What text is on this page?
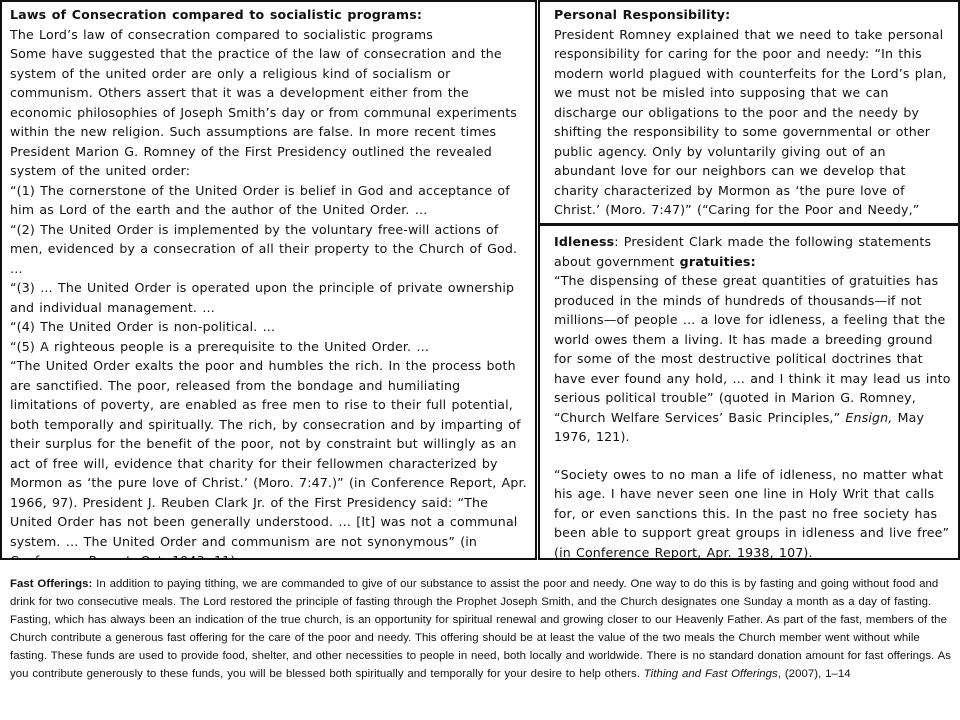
Laws of Consecration compared to socialistic programs:

The Lord’s law of consecration compared to socialistic programs

Some have suggested that the practice of the law of consecration and the system of the united order are only a religious kind of socialism or communism. Others assert that it was a development either from the economic philosophies of Joseph Smith’s day or from communal experiments within the new religion. Such assumptions are false. In more recent times President Marion G. Romney of the First Presidency outlined the revealed system of the united order:

“(1) The cornerstone of the United Order is belief in God and acceptance of him as Lord of the earth and the author of the United Order. …

“(2) The United Order is implemented by the voluntary free-will actions of men, evidenced by a consecration of all their property to the Church of God. …

“(3) … The United Order is operated upon the principle of private ownership and individual management. …

“(4) The United Order is non-political. …

“(5) A righteous people is a prerequisite to the United Order. …

“The United Order exalts the poor and humbles the rich. In the process both are sanctified. The poor, released from the bondage and humiliating limitations of poverty, are enabled as free men to rise to their full potential, both temporally and spiritually. The rich, by consecration and by imparting of their surplus for the benefit of the poor, not by constraint but willingly as an act of free will, evidence that charity for their fellowmen characterized by Mormon as ‘the pure love of Christ.’ (Moro. 7:47.)” (in Conference Report, Apr. 1966, 97). President J. Reuben Clark Jr. of the First Presidency said: “The United Order has not been generally understood. … [It] was not a communal system. … The United Order and communism are not synonymous” (in

Personal Responsibility:

President Romney explained that we need to take personal responsibility for caring for the poor and needy: “In this modern world plagued with counterfeits for the Lord’s plan, we must not be misled into supposing that we can discharge our obligations to the poor and the needy by shifting the responsibility to some governmental or other public agency. Only by voluntarily giving out of an abundant love for our neighbors can we develop that charity characterized by Mormon as ‘the pure love of Christ.’ (Moro. 7:47)” (“Caring for the Poor and Needy,”

Idleness: President Clark made the following statements about government gratuities:

“The dispensing of these great quantities of gratuities has produced in the minds of hundreds of thousands—if not millions—of people … a love for idleness, a feeling that the world owes them a living. It has made a breeding ground for some of the most destructive political doctrines that have ever found any hold, … and I think it may lead us into serious political trouble” (quoted in Marion G. Romney, “Church Welfare Services’ Basic Principles,” Ensign, May 1976, 121).

“Society owes to no man a life of idleness, no matter what his age. I have never seen one line in Holy Writ that calls for, or even sanctions this. In the past no free society has been able to support great groups in idleness and live free” (in Conference Report, Apr. 1938, 107).

Fast Offerings: In addition to paying tithing, we are commanded to give of our substance to assist the poor and needy. One way to do this is by fasting and going without food and drink for two consecutive meals. The Lord restored the principle of fasting through the Prophet Joseph Smith, and the Church designates one Sunday a month as a day of fasting. Fasting, which has always been an indication of the true church, is an opportunity for spiritual renewal and growing closer to our Heavenly Father. As part of the fast, members of the Church contribute a generous fast offering for the care of the poor and needy. This offering should be at least the value of the two meals the Church member went without while fasting. These funds are used to provide food, shelter, and other necessities to people in need, both locally and worldwide. There is no standard donation amount for fast offerings. As you contribute generously to these funds, you will be blessed both spiritually and temporally for your desire to help others. Tithing and Fast Offerings, (2007), 1–14
